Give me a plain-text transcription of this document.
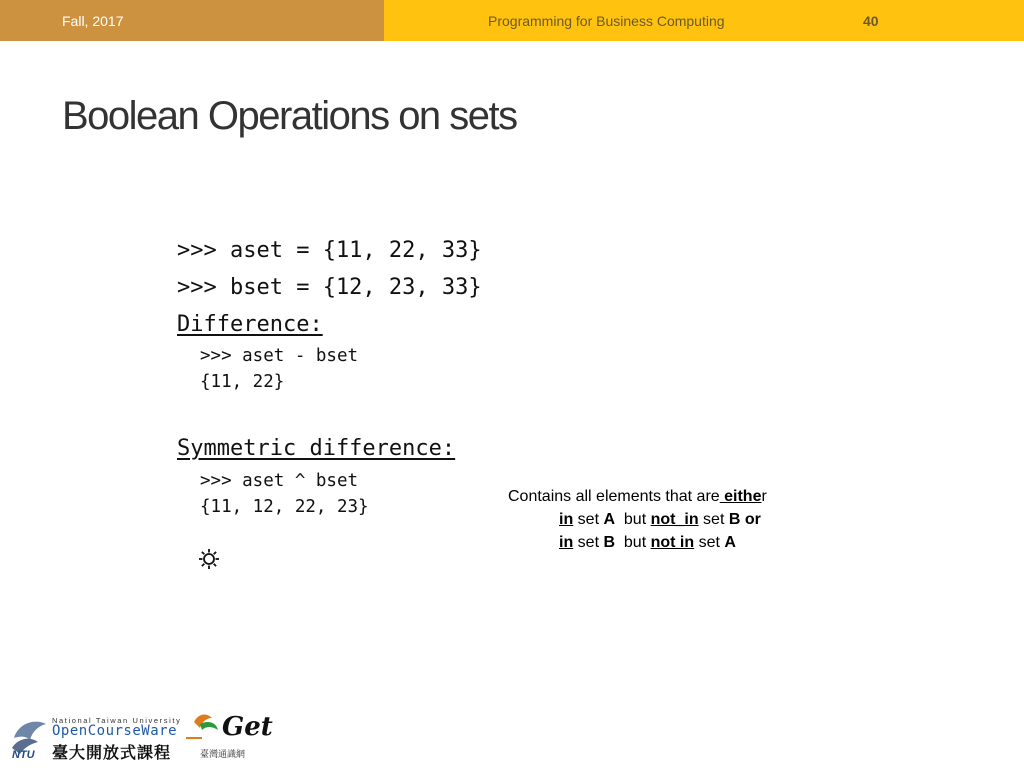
Fall, 2017	Programming for Business Computing	40
Boolean Operations on sets
>>> aset = {11, 22, 33}
>>> bset = {12, 23, 33}
Difference:
>>> aset - bset
{11, 22}
Symmetric difference:
>>> aset ^ bset
{11, 12, 22, 23}
Contains all elements that are either
in set A  but not_in set B or
in set B  but not in set A
NTU
National Taiwan University
OpenCourseWare
臺大開放式課程
Get
臺灣通識網
